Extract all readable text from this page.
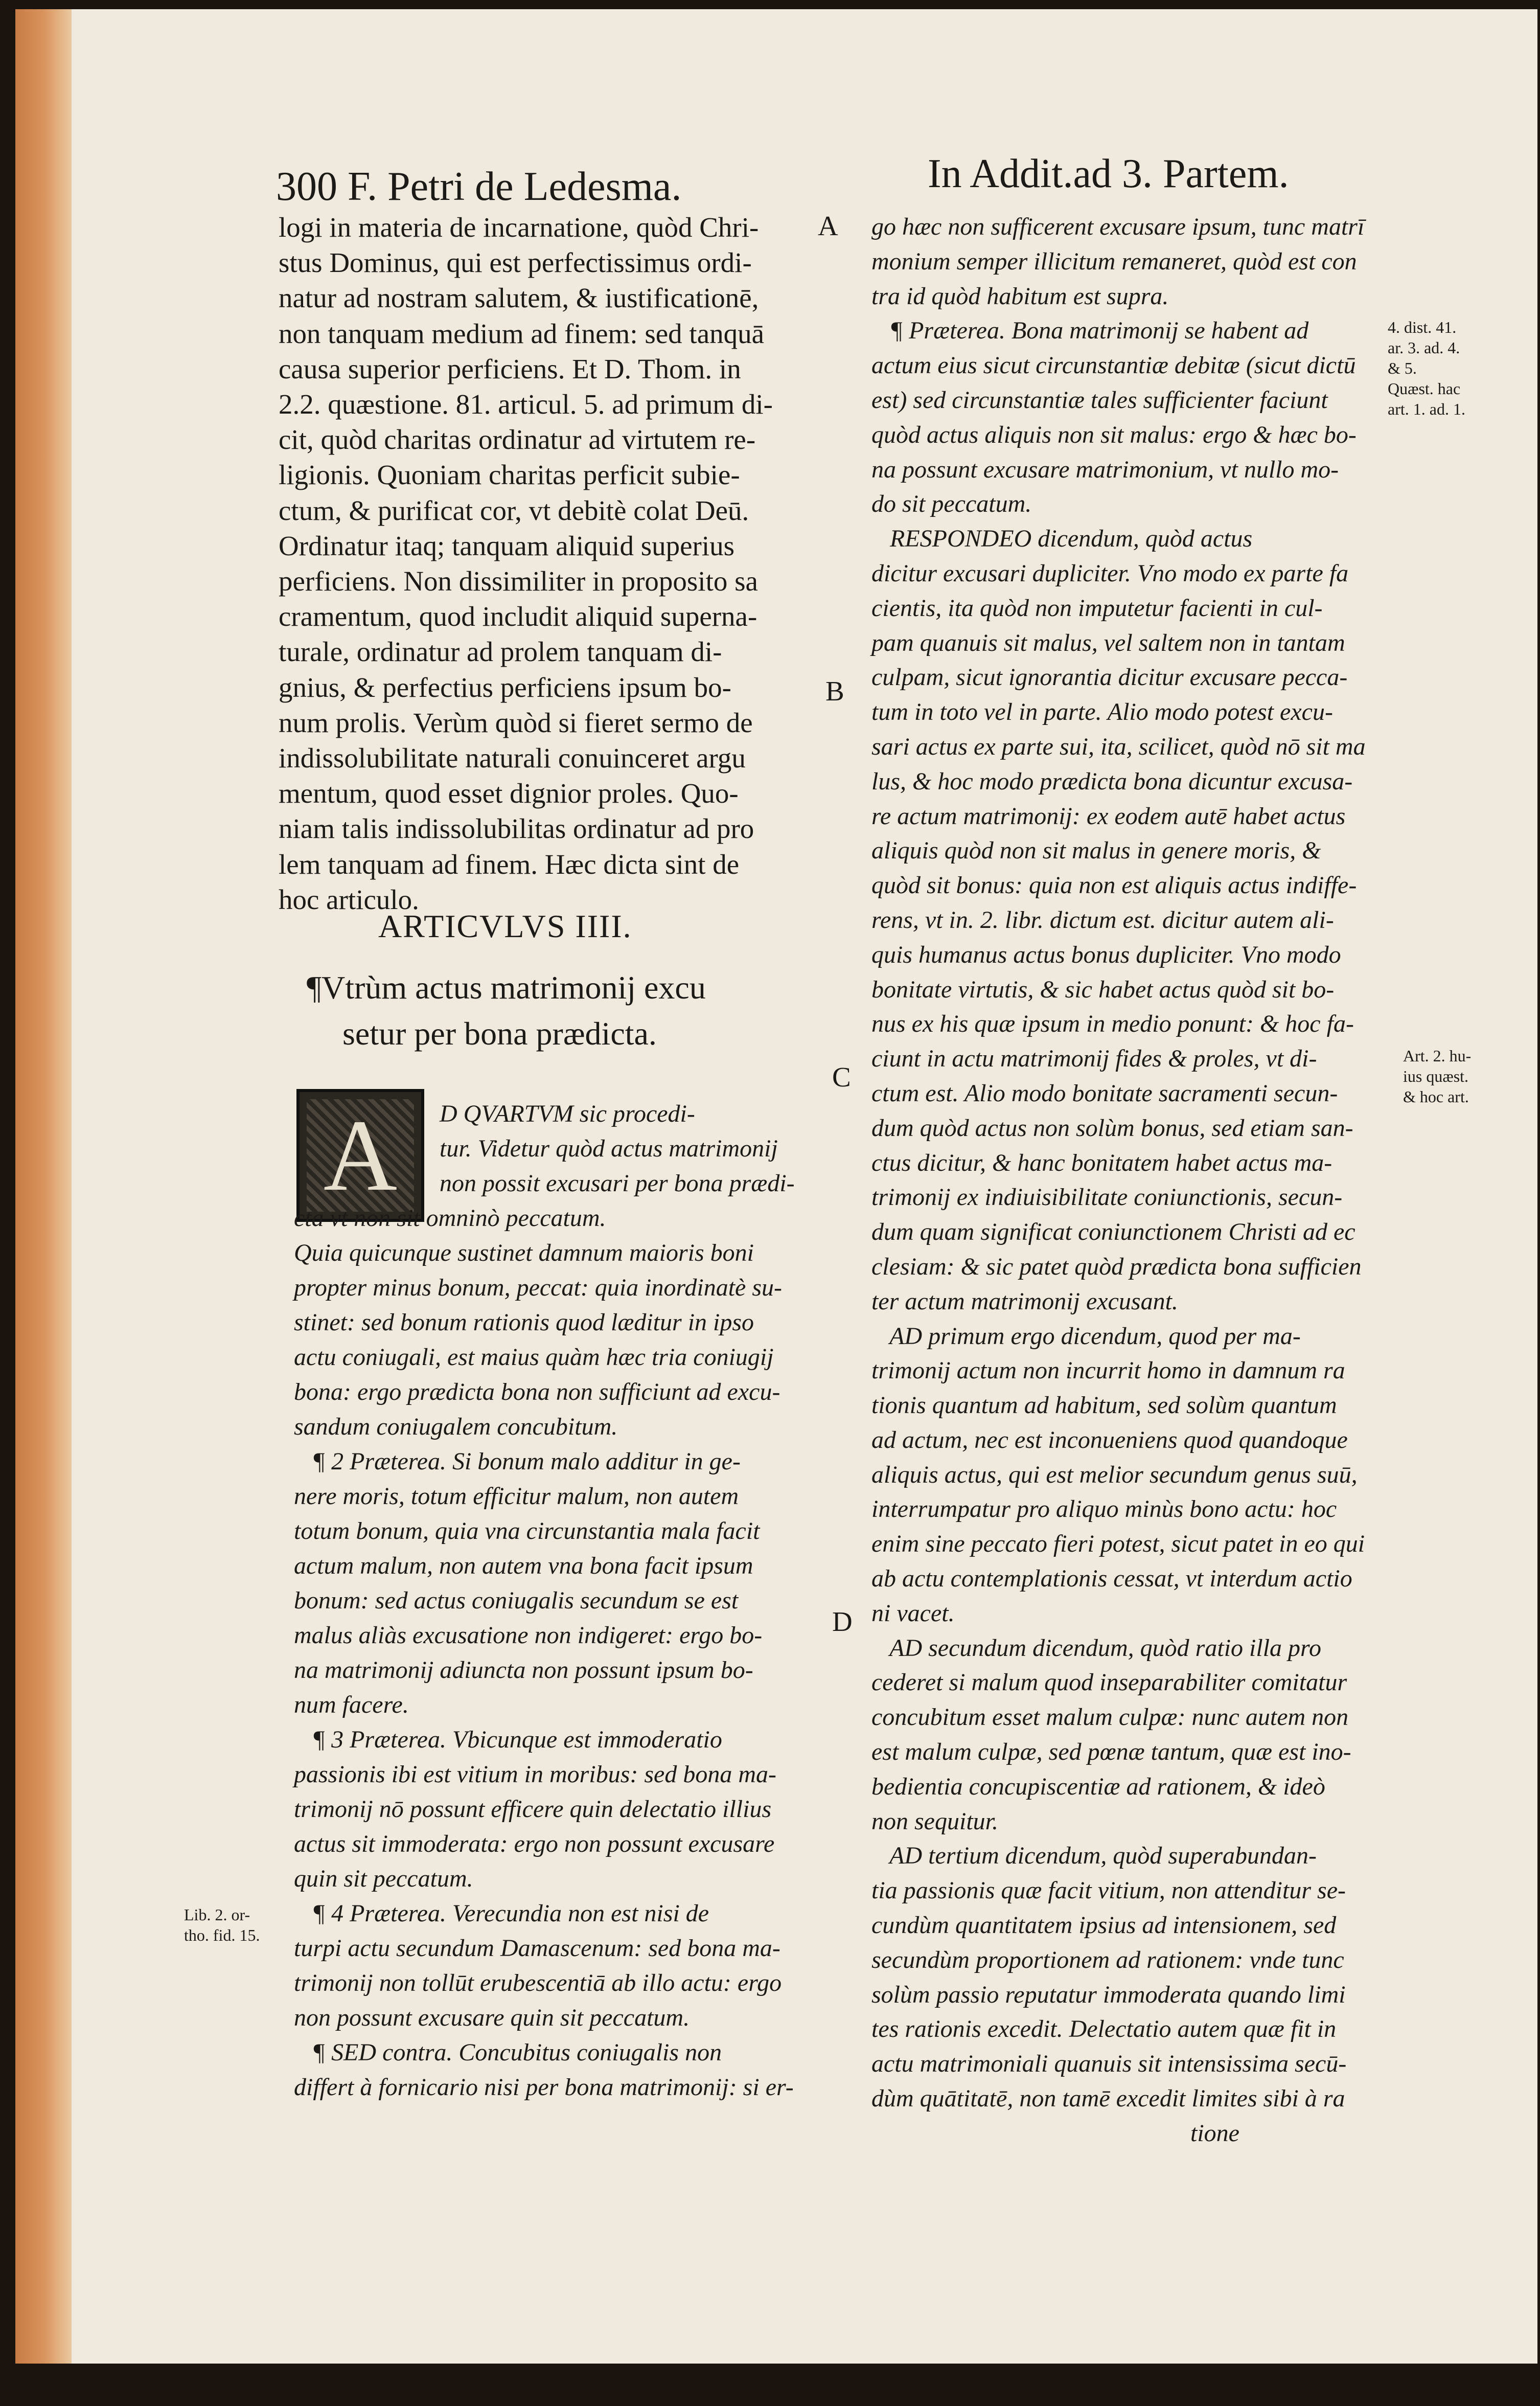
300 F. Petri de Ledesma.	In Addit.ad 3. Partem.
logi in materia de incarnatione, quòd Chri-
stus Dominus, qui est perfectissimus ordi-
natur ad nostram salutem, & iustificationē,
non tanquam medium ad finem: sed tanquā
causa superior perficiens. Et D. Thom. in
2.2. quæstione. 81. articul. 5. ad primum di-
cit, quòd charitas ordinatur ad virtutem re-
ligionis. Quoniam charitas perficit subie-
ctum, & purificat cor, vt debitè colat Deū.
Ordinatur itaq; tanquam aliquid superius
perficiens. Non dissimiliter in proposito sa
cramentum, quod includit aliquid superna-
turale, ordinatur ad prolem tanquam di-
gnius, & perfectius perficiens ipsum bo-
num prolis. Verùm quòd si fieret sermo de
indissolubilitate naturali conuinceret argu
mentum, quod esset dignior proles. Quo-
niam talis indissolubilitas ordinatur ad pro
lem tanquam ad finem. Hæc dicta sint de
hoc articulo.
ARTICVLVS IIII.
¶Vtrùm actus matrimonij excu
setur per bona prædicta.
A	D QVARTVM sic procedi-
tur. Videtur quòd actus matrimonij
non possit excusari per bona prædi-
cta vt non sit omninò peccatum.
Quia quicunque sustinet damnum maioris boni
propter minus bonum, peccat: quia inordinatè su-
stinet: sed bonum rationis quod læditur in ipso
actu coniugali, est maius quàm hæc tria coniugij
bona: ergo prædicta bona non sufficiunt ad excu-
sandum coniugalem concubitum.
¶ 2 Præterea. Si bonum malo additur in ge-
nere moris, totum efficitur malum, non autem
totum bonum, quia vna circunstantia mala facit
actum malum, non autem vna bona facit ipsum
bonum: sed actus coniugalis secundum se est
malus aliàs excusatione non indigeret: ergo bo-
na matrimonij adiuncta non possunt ipsum bo-
num facere.
¶ 3 Præterea. Vbicunque est immoderatio
passionis ibi est vitium in moribus: sed bona ma-
trimonij nō possunt efficere quin delectatio illius
actus sit immoderata: ergo non possunt excusare
quin sit peccatum.
¶ 4 Præterea. Verecundia non est nisi de
turpi actu secundum Damascenum: sed bona ma-
trimonij non tollūt erubescentiā ab illo actu: ergo
non possunt excusare quin sit peccatum.
¶ SED contra. Concubitus coniugalis non
differt à fornicario nisi per bona matrimonij: si er-
go hæc non sufficerent excusare ipsum, tunc matrī
monium semper illicitum remaneret, quòd est con
tra id quòd habitum est supra.
¶ Præterea. Bona matrimonij se habent ad
actum eius sicut circunstantiæ debitæ (sicut dictū
est) sed circunstantiæ tales sufficienter faciunt
quòd actus aliquis non sit malus: ergo & hæc bo-
na possunt excusare matrimonium, vt nullo mo-
do sit peccatum.
RESPONDEO dicendum, quòd actus
dicitur excusari dupliciter. Vno modo ex parte fa
cientis, ita quòd non imputetur facienti in cul-
pam quanuis sit malus, vel saltem non in tantam
culpam, sicut ignorantia dicitur excusare pecca-
tum in toto vel in parte. Alio modo potest excu-
sari actus ex parte sui, ita, scilicet, quòd nō sit ma
lus, & hoc modo prædicta bona dicuntur excusa-
re actum matrimonij: ex eodem autē habet actus
aliquis quòd non sit malus in genere moris, &
quòd sit bonus: quia non est aliquis actus indiffe-
rens, vt in. 2. libr. dictum est. dicitur autem ali-
quis humanus actus bonus dupliciter. Vno modo
bonitate virtutis, & sic habet actus quòd sit bo-
nus ex his quæ ipsum in medio ponunt: & hoc fa-
ciunt in actu matrimonij fides & proles, vt di-
ctum est. Alio modo bonitate sacramenti secun-
dum quòd actus non solùm bonus, sed etiam san-
ctus dicitur, & hanc bonitatem habet actus ma-
trimonij ex indiuisibilitate coniunctionis, secun-
dum quam significat coniunctionem Christi ad ec
clesiam: & sic patet quòd prædicta bona sufficien
ter actum matrimonij excusant.
AD primum ergo dicendum, quod per ma-
trimonij actum non incurrit homo in damnum ra
tionis quantum ad habitum, sed solùm quantum
ad actum, nec est inconueniens quod quandoque
aliquis actus, qui est melior secundum genus suū,
interrumpatur pro aliquo minùs bono actu: hoc
enim sine peccato fieri potest, sicut patet in eo qui
ab actu contemplationis cessat, vt interdum actio
ni vacet.
AD secundum dicendum, quòd ratio illa pro
cederet si malum quod inseparabiliter comitatur
concubitum esset malum culpæ: nunc autem non
est malum culpæ, sed pœnæ tantum, quæ est ino-
bedientia concupiscentiæ ad rationem, & ideò
non sequitur.
AD tertium dicendum, quòd superabundan-
tia passionis quæ facit vitium, non attenditur se-
cundùm quantitatem ipsius ad intensionem, sed
secundùm proportionem ad rationem: vnde tunc
solùm passio reputatur immoderata quando limi
tes rationis excedit. Delectatio autem quæ fit in
actu matrimoniali quanuis sit intensissima secū-
dùm quātitatē, non tamē excedit limites sibi à ra
tione
A
B
C
D
4. dist. 41.
ar. 3. ad. 4.
& 5.
Quæst. hac
art. 1. ad. 1.
Art. 2. hu-
ius quæst.
& hoc art.
Lib. 2. or-
tho. fid. 15.
